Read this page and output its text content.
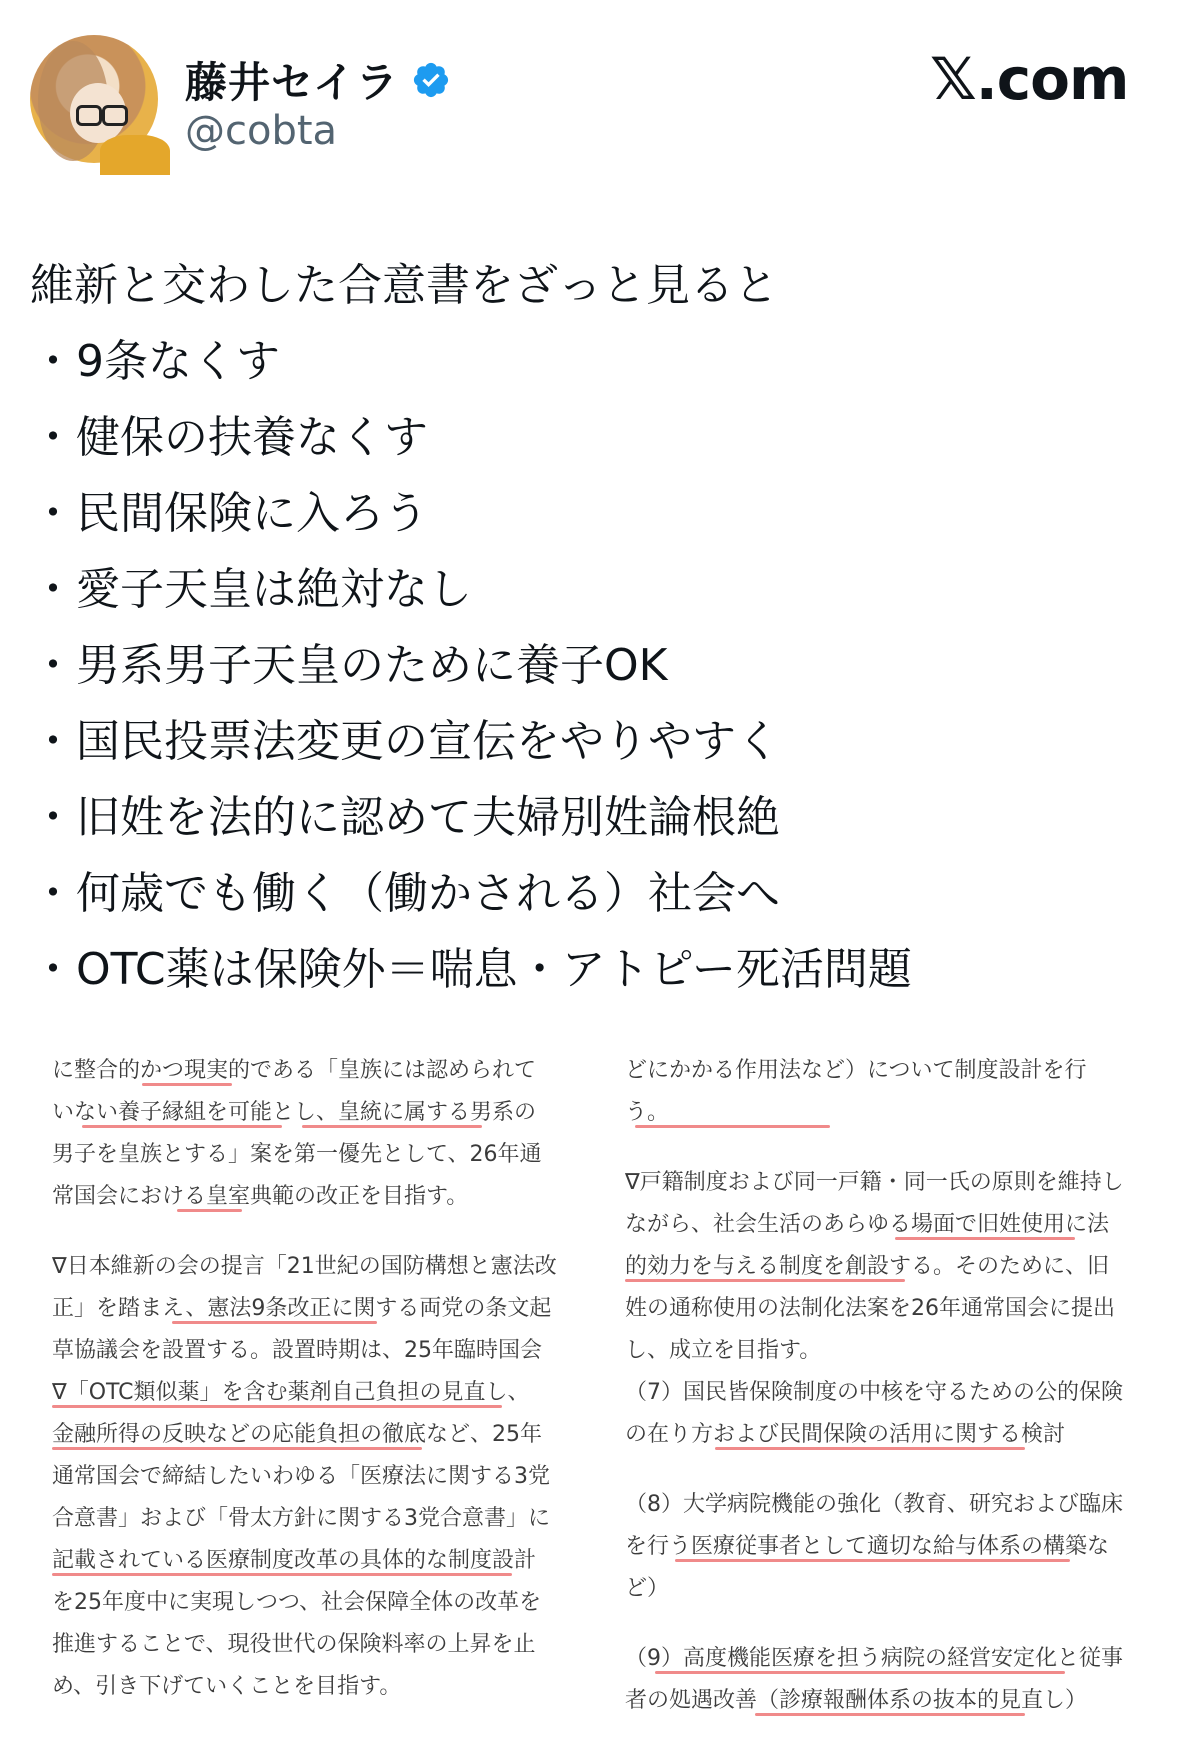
藤井セイラ
@cobta
𝕏.com
維新と交わした合意書をざっと見ると
・9条なくす
・健保の扶養なくす
・民間保険に入ろう
・愛子天皇は絶対なし
・男系男子天皇のために養子OK
・国民投票法変更の宣伝をやりやすく
・旧姓を法的に認めて夫婦別姓論根絶
・何歳でも働く（働かされる）社会へ
・OTC薬は保険外＝喘息・アトピー死活問題
に整合的かつ現実的である「皇族には認められて
いない養子縁組を可能とし、皇統に属する男系の
男子を皇族とする」案を第一優先として、26年通
常国会における皇室典範の改正を目指す。
∇日本維新の会の提言「21世紀の国防構想と憲法改
正」を踏まえ、憲法9条改正に関する両党の条文起
草協議会を設置する。設置時期は、25年臨時国会
∇「OTC類似薬」を含む薬剤自己負担の見直し、
金融所得の反映などの応能負担の徹底など、25年
通常国会で締結したいわゆる「医療法に関する3党
合意書」および「骨太方針に関する3党合意書」に
記載されている医療制度改革の具体的な制度設計
を25年度中に実現しつつ、社会保障全体の改革を
推進することで、現役世代の保険料率の上昇を止
め、引き下げていくことを目指す。
どにかかる作用法など）について制度設計を行
う。
∇戸籍制度および同一戸籍・同一氏の原則を維持し
ながら、社会生活のあらゆる場面で旧姓使用に法
的効力を与える制度を創設する。そのために、旧
姓の通称使用の法制化法案を26年通常国会に提出
し、成立を目指す。
（7）国民皆保険制度の中核を守るための公的保険
の在り方および民間保険の活用に関する検討
（8）大学病院機能の強化（教育、研究および臨床
を行う医療従事者として適切な給与体系の構築な
ど）
（9）高度機能医療を担う病院の経営安定化と従事
者の処遇改善（診療報酬体系の抜本的見直し）
